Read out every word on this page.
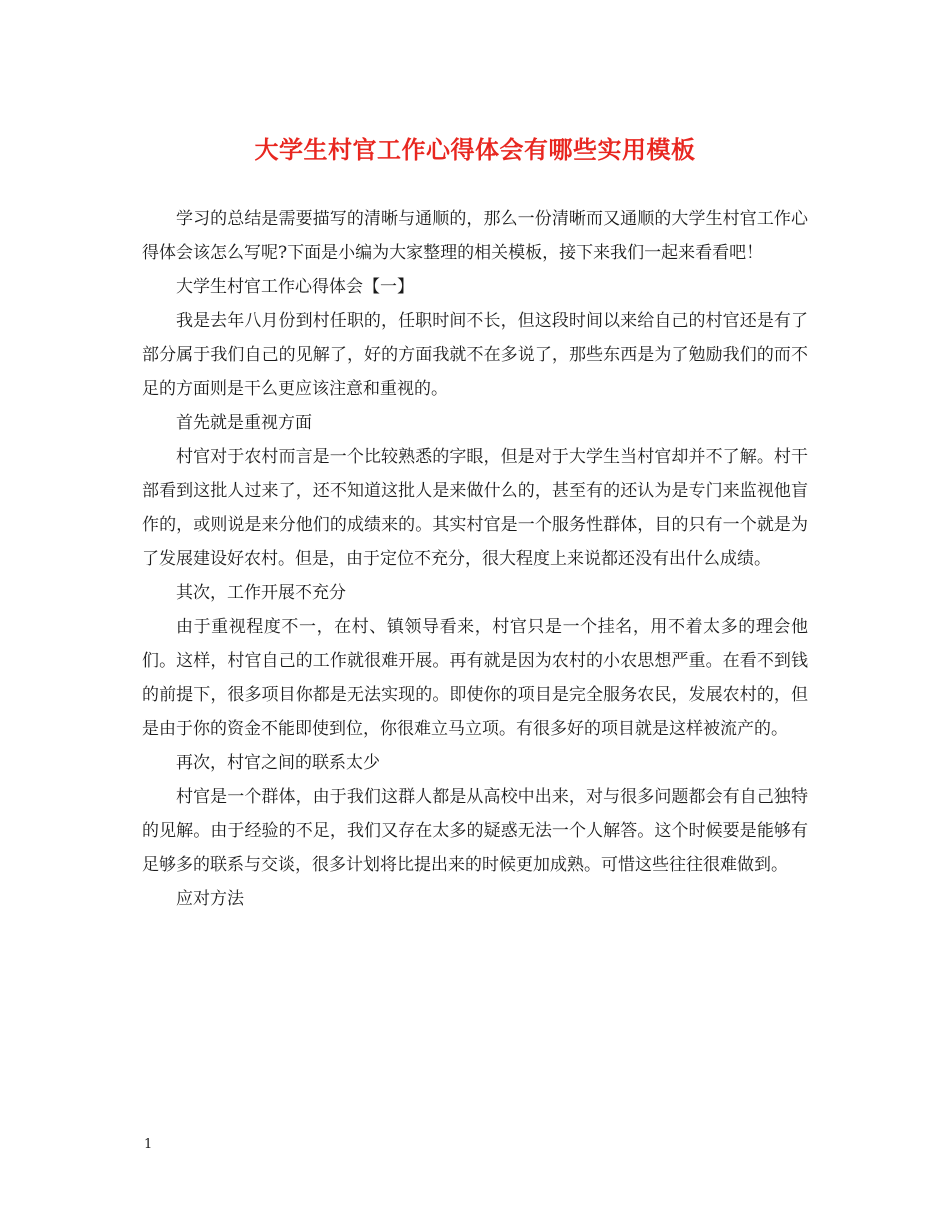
大学生村官工作心得体会有哪些实用模板

学习的总结是需要描写的清晰与通顺的，那么一份清晰而又通顺的大学生村官工作心得体会该怎么写呢?下面是小编为大家整理的相关模板，接下来我们一起来看看吧！

大学生村官工作心得体会【一】

我是去年八月份到村任职的，任职时间不长，但这段时间以来给自己的村官还是有了部分属于我们自己的见解了，好的方面我就不在多说了，那些东西是为了勉励我们的而不足的方面则是干么更应该注意和重视的。

首先就是重视方面

村官对于农村而言是一个比较熟悉的字眼，但是对于大学生当村官却并不了解。村干部看到这批人过来了，还不知道这批人是来做什么的，甚至有的还认为是专门来监视他盲作的，或则说是来分他们的成绩来的。其实村官是一个服务性群体，目的只有一个就是为了发展建设好农村。但是，由于定位不充分，很大程度上来说都还没有出什么成绩。

其次，工作开展不充分

由于重视程度不一，在村、镇领导看来，村官只是一个挂名，用不着太多的理会他们。这样，村官自己的工作就很难开展。再有就是因为农村的小农思想严重。在看不到钱的前提下，很多项目你都是无法实现的。即使你的项目是完全服务农民，发展农村的，但是由于你的资金不能即使到位，你很难立马立项。有很多好的项目就是这样被流产的。

再次，村官之间的联系太少

村官是一个群体，由于我们这群人都是从高校中出来，对与很多问题都会有自己独特的见解。由于经验的不足，我们又存在太多的疑惑无法一个人解答。这个时候要是能够有足够多的联系与交谈，很多计划将比提出来的时候更加成熟。可惜这些往往很难做到。

应对方法

1
